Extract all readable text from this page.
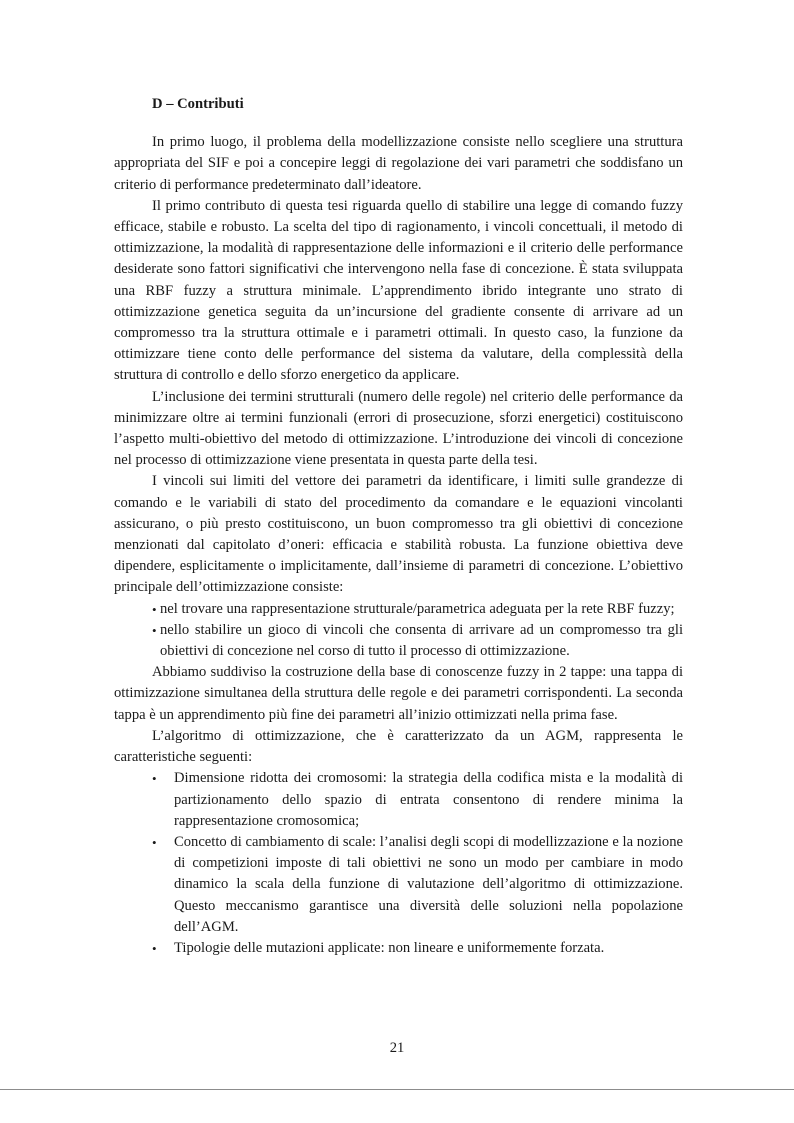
D – Contributi

In primo luogo, il problema della modellizzazione consiste nello scegliere una struttura appropriata del SIF e poi a concepire leggi di regolazione dei vari parametri che soddisfano un criterio di performance predeterminato dall’ideatore.

Il primo contributo di questa tesi riguarda quello di stabilire una legge di comando fuzzy efficace, stabile e robusto. La scelta del tipo di ragionamento, i vincoli concettuali, il metodo di ottimizzazione, la modalità di rappresentazione delle informazioni e il criterio delle performance desiderate sono fattori significativi che intervengono nella fase di concezione. È stata sviluppata una RBF fuzzy a struttura minimale. L’apprendimento ibrido integrante uno strato di ottimizzazione genetica seguita da un’incursione del gradiente consente di arrivare ad un compromesso tra la struttura ottimale e i parametri ottimali. In questo caso, la funzione da ottimizzare tiene conto delle performance del sistema da valutare, della complessità della struttura di controllo e dello sforzo energetico da applicare.

L’inclusione dei termini strutturali (numero delle regole) nel criterio delle performance da minimizzare oltre ai termini funzionali (errori di prosecuzione, sforzi energetici) costituiscono l’aspetto multi-obiettivo del metodo di ottimizzazione. L’introduzione dei vincoli di concezione nel processo di ottimizzazione viene presentata in questa parte della tesi.

I vincoli sui limiti del vettore dei parametri da identificare, i limiti sulle grandezze di comando e le variabili di stato del procedimento da comandare e le equazioni vincolanti assicurano, o più presto costituiscono, un buon compromesso tra gli obiettivi di concezione menzionati dal capitolato d’oneri: efficacia e stabilità robusta. La funzione obiettiva deve dipendere, esplicitamente o implicitamente, dall’insieme di parametri di concezione. L’obiettivo principale dell’ottimizzazione consiste:

• nel trovare una rappresentazione strutturale/parametrica adeguata per la rete RBF fuzzy;
• nello stabilire un gioco di vincoli che consenta di arrivare ad un compromesso tra gli obiettivi di concezione nel corso di tutto il processo di ottimizzazione.

Abbiamo suddiviso la costruzione della base di conoscenze fuzzy in 2 tappe: una tappa di ottimizzazione simultanea della struttura delle regole e dei parametri corrispondenti. La seconda tappa è un apprendimento più fine dei parametri all’inizio ottimizzati nella prima fase.

L’algoritmo di ottimizzazione, che è caratterizzato da un AGM, rappresenta le caratteristiche seguenti:

• Dimensione ridotta dei cromosomi: la strategia della codifica mista e la modalità di partizionamento dello spazio di entrata consentono di rendere minima la rappresentazione cromosomica;
• Concetto di cambiamento di scale: l’analisi degli scopi di modellizzazione e la nozione di competizioni imposte di tali obiettivi ne sono un modo per cambiare in modo dinamico la scala della funzione di valutazione dell’algoritmo di ottimizzazione. Questo meccanismo garantisce una diversità delle soluzioni nella popolazione dell’AGM.
• Tipologie delle mutazioni applicate: non lineare e uniformemente forzata.
21
